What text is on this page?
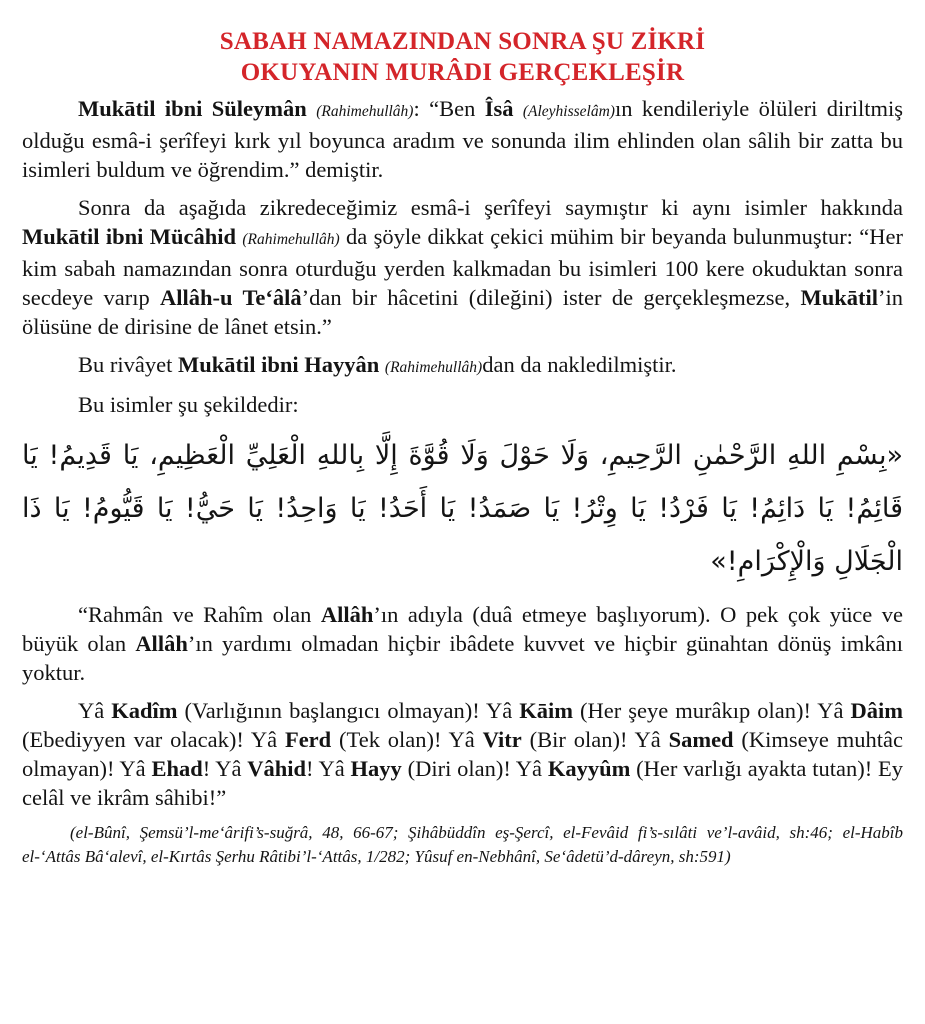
SABAH NAMAZINDAN SONRA ŞU ZİKRİ
OKUYANIN MURÂDI GERÇEKLEŞİR

Mukātil ibni Süleymân (Rahimehullâh): “Ben Îsâ (Aleyhisselâm)ın kendileriyle ölüleri diriltmiş olduğu esmâ-i şerîfeyi kırk yıl boyunca aradım ve sonunda ilim ehlinden olan sâlih bir zatta bu isimleri buldum ve öğrendim.” demiştir.

Sonra da aşağıda zikredeceğimiz esmâ-i şerîfeyi saymıştır ki aynı isimler hakkında Mukātil ibni Mücâhid (Rahimehullâh) da şöyle dikkat çekici mühim bir beyanda bulunmuştur: “Her kim sabah namazından sonra oturduğu yerden kalkmadan bu isimleri 100 kere okuduktan sonra secdeye varıp Allâh-u Te‘âlâ’dan bir hâcetini (dileğini) ister de gerçekleşmezse, Mukātil’in ölüsüne de dirisine de lânet etsin.”

Bu rivâyet Mukātil ibni Hayyân (Rahimehullâh)dan da nakledilmiştir.

Bu isimler şu şekildedir:

«بِسْمِ اللهِ الرَّحْمٰنِ الرَّحِيمِ، وَلَا حَوْلَ وَلَا قُوَّةَ إِلَّا بِاللهِ الْعَلِيِّ الْعَظِيمِ، يَا قَدِيمُ! يَا قَائِمُ! يَا دَائِمُ! يَا فَرْدُ! يَا وِتْرُ! يَا صَمَدُ! يَا أَحَدُ! يَا وَاحِدُ! يَا حَيُّ! يَا قَيُّومُ! يَا ذَا الْجَلَالِ وَالْإِكْرَامِ!»

“Rahmân ve Rahîm olan Allâh’ın adıyla (duâ etmeye başlıyorum). O pek çok yüce ve büyük olan Allâh’ın yardımı olmadan hiçbir ibâdete kuvvet ve hiçbir günahtan dönüş imkânı yoktur.

Yâ Kadîm (Varlığının başlangıcı olmayan)! Yâ Kāim (Her şeye murâkıp olan)! Yâ Dâim (Ebediyyen var olacak)! Yâ Ferd (Tek olan)! Yâ Vitr (Bir olan)! Yâ Samed (Kimseye muhtâc olmayan)! Yâ Ehad! Yâ Vâhid! Yâ Hayy (Diri olan)! Yâ Kayyûm (Her varlığı ayakta tutan)! Ey celâl ve ikrâm sâhibi!”

(el-Bûnî, Şemsü’l-me‘ârifi’s-suğrâ, 48, 66-67; Şihâbüddîn eş-Şercî, el-Fevâid fi’s-sılâti ve’l-avâid, sh:46; el-Habîb el-‘Attâs Bâ‘alevî, el-Kırtâs Şerhu Râtibi’l-‘Attâs, 1/282; Yûsuf en-Nebhânî, Se‘âdetü’d-dâreyn, sh:591)
